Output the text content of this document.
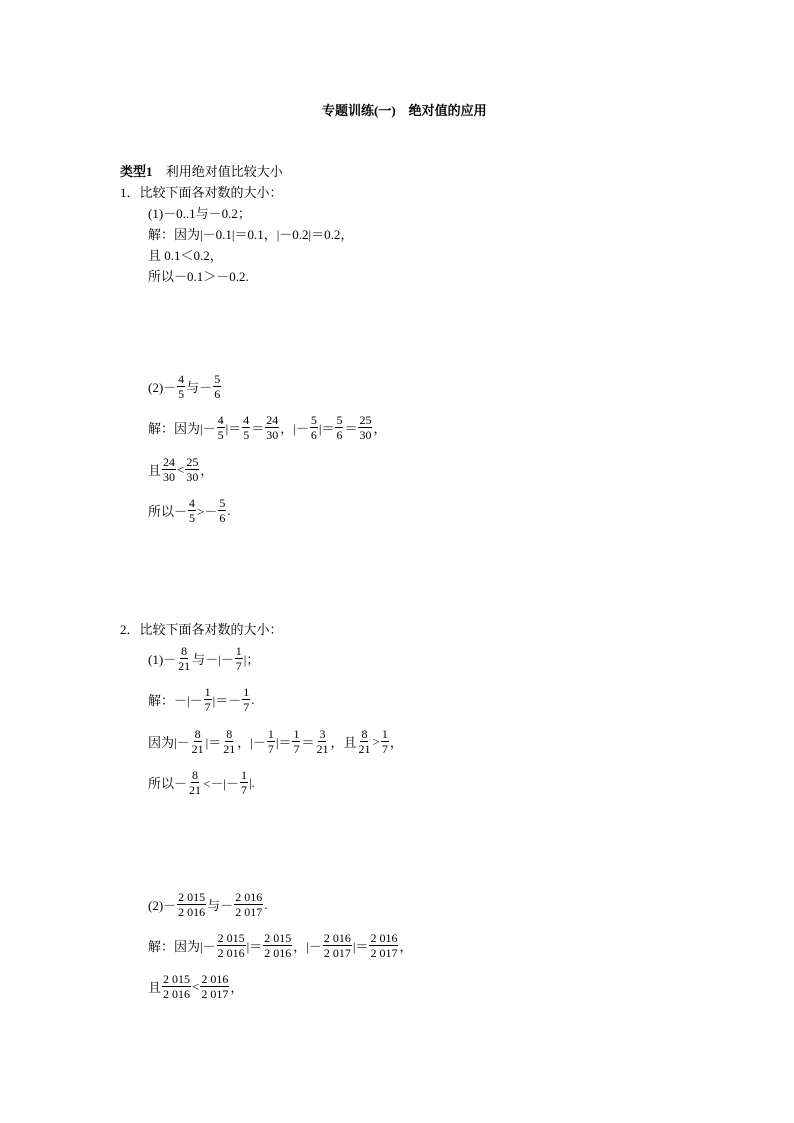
专题训练(一)　绝对值的应用
类型1 利用绝对值比较大小
1．比较下面各对数的大小：
(1)－0..1与－0.2；
解：因为|－0.1|＝0.1，|－0.2|＝0.2，
且 0.1＜0.2，
所以－0.1＞－0.2.
$(2)- \frac{4}{5}$ 与－ $\frac{5}{6}$
解：因为|－ $\frac{4}{5}$ |＝ $\frac{4}{5} = \frac{24}{30}$ ，|－ $\frac{5}{6}$ |＝ $\frac{5}{6} = \frac{25}{30}$ ，
且 $\frac{24}{30} < \frac{25}{30}$ ，
所以－ $\frac{4}{5} >- \frac{5}{6}$ .
2．比较下面各对数的大小：
$(1)- \frac{8}{21}$ 与－|－ $\frac{1}{7}$ |；
解：－|－ $\frac{1}{7}$ |＝－ $\frac{1}{7}$ .
因为|－ $\frac{8}{21}$ |＝ $\frac{8}{21}$ ，|－ $\frac{1}{7}$ |＝ $\frac{1}{7} = \frac{3}{21}$ ，且 $\frac{8}{21} > \frac{1}{7}$ ，
所以－ $\frac{8}{21}$ <－|－ $\frac{1}{7}$ |.
$(2)- \frac{2 015}{2 016}$ 与－ $\frac{2 016}{2 017}$ .
解：因为|－ $\frac{2 015}{2 016}$ |＝ $\frac{2 015}{2 016}$ ，|－ $\frac{2 016}{2 017}$ |＝ $\frac{2 016}{2 017}$ ，
且 $\frac{2 015}{2 016} < \frac{2 016}{2 017}$ ，
